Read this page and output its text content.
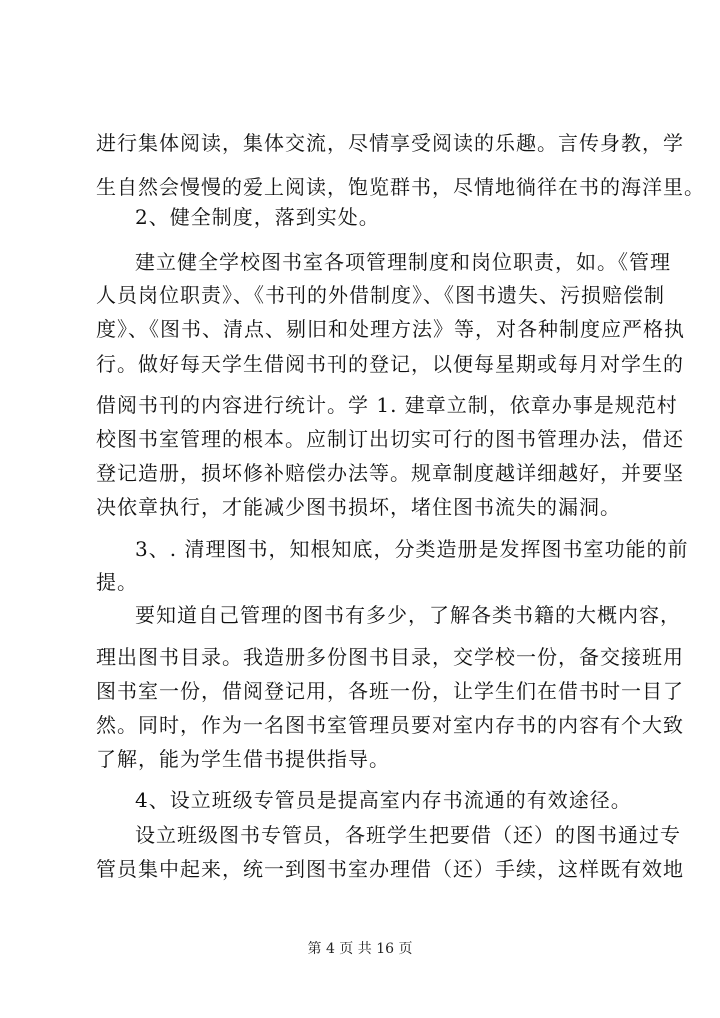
进行集体阅读，集体交流，尽情享受阅读的乐趣。言传身教，学
生自然会慢慢的爱上阅读，饱览群书，尽情地徜徉在书的海洋里。
2、健全制度，落到实处。
建立健全学校图书室各项管理制度和岗位职责，如。《管理
人员岗位职责》、《书刊的外借制度》、《图书遗失、污损赔偿制
度》、《图书、清点、剔旧和处理方法》等，对各种制度应严格执
行。做好每天学生借阅书刊的登记，以便每星期或每月对学生的
借阅书刊的内容进行统计。学 1. 建章立制，依章办事是规范村
校图书室管理的根本。应制订出切实可行的图书管理办法，借还
登记造册，损坏修补赔偿办法等。规章制度越详细越好，并要坚
决依章执行，才能减少图书损坏，堵住图书流失的漏洞。
3、. 清理图书，知根知底，分类造册是发挥图书室功能的前
提。
要知道自己管理的图书有多少，了解各类书籍的大概内容，
理出图书目录。我造册多份图书目录，交学校一份，备交接班用
图书室一份，借阅登记用，各班一份，让学生们在借书时一目了
然。同时，作为一名图书室管理员要对室内存书的内容有个大致
了解，能为学生借书提供指导。
4、设立班级专管员是提高室内存书流通的有效途径。
设立班级图书专管员，各班学生把要借（还）的图书通过专
管员集中起来，统一到图书室办理借（还）手续，这样既有效地
第 4 页 共 16 页
